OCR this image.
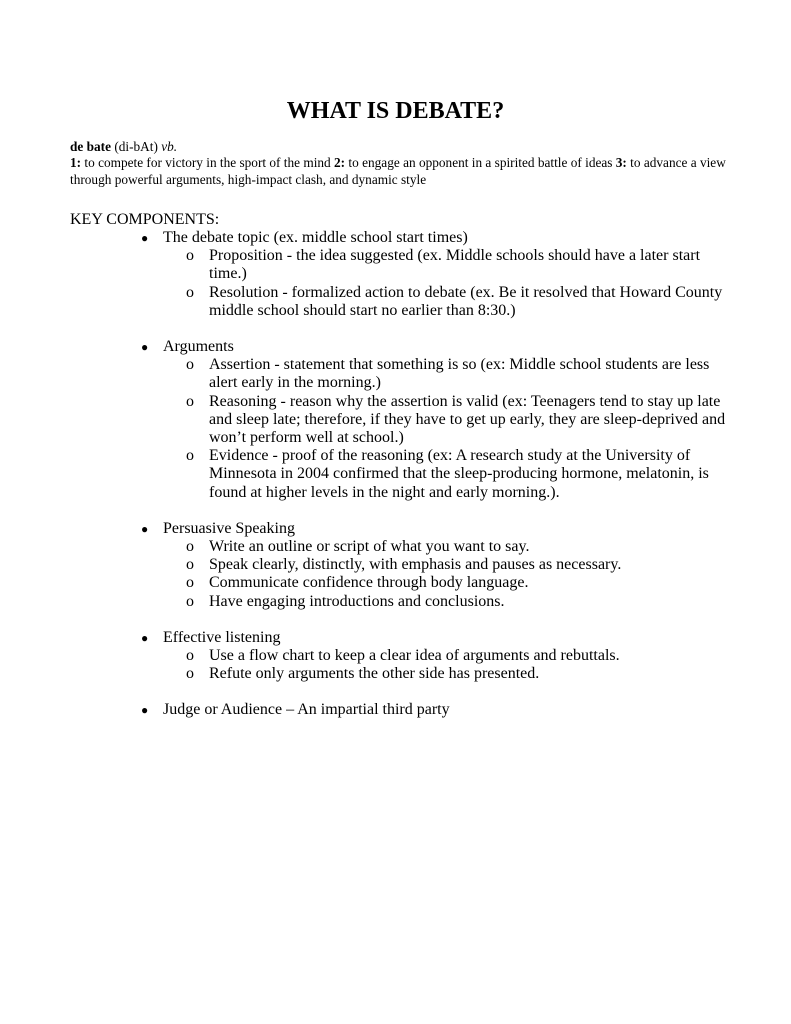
WHAT IS DEBATE?

de bate (di-bAt) vb.

1: to compete for victory in the sport of the mind 2: to engage an opponent in a spirited battle of ideas 3: to advance a view through powerful arguments, high-impact clash, and dynamic style

KEY COMPONENTS:

● The debate topic (ex. middle school start times)
o Proposition - the idea suggested (ex. Middle schools should have a later start time.)
o Resolution - formalized action to debate (ex. Be it resolved that Howard County middle school should start no earlier than 8:30.)
● Arguments
o Assertion - statement that something is so (ex: Middle school students are less alert early in the morning.)
o Reasoning - reason why the assertion is valid (ex: Teenagers tend to stay up late and sleep late; therefore, if they have to get up early, they are sleep-deprived and won’t perform well at school.)
o Evidence - proof of the reasoning (ex: A research study at the University of Minnesota in 2004 confirmed that the sleep-producing hormone, melatonin, is found at higher levels in the night and early morning.).
● Persuasive Speaking
o Write an outline or script of what you want to say.
o Speak clearly, distinctly, with emphasis and pauses as necessary.
o Communicate confidence through body language.
o Have engaging introductions and conclusions.
● Effective listening
o Use a flow chart to keep a clear idea of arguments and rebuttals.
o Refute only arguments the other side has presented.
● Judge or Audience – An impartial third party
